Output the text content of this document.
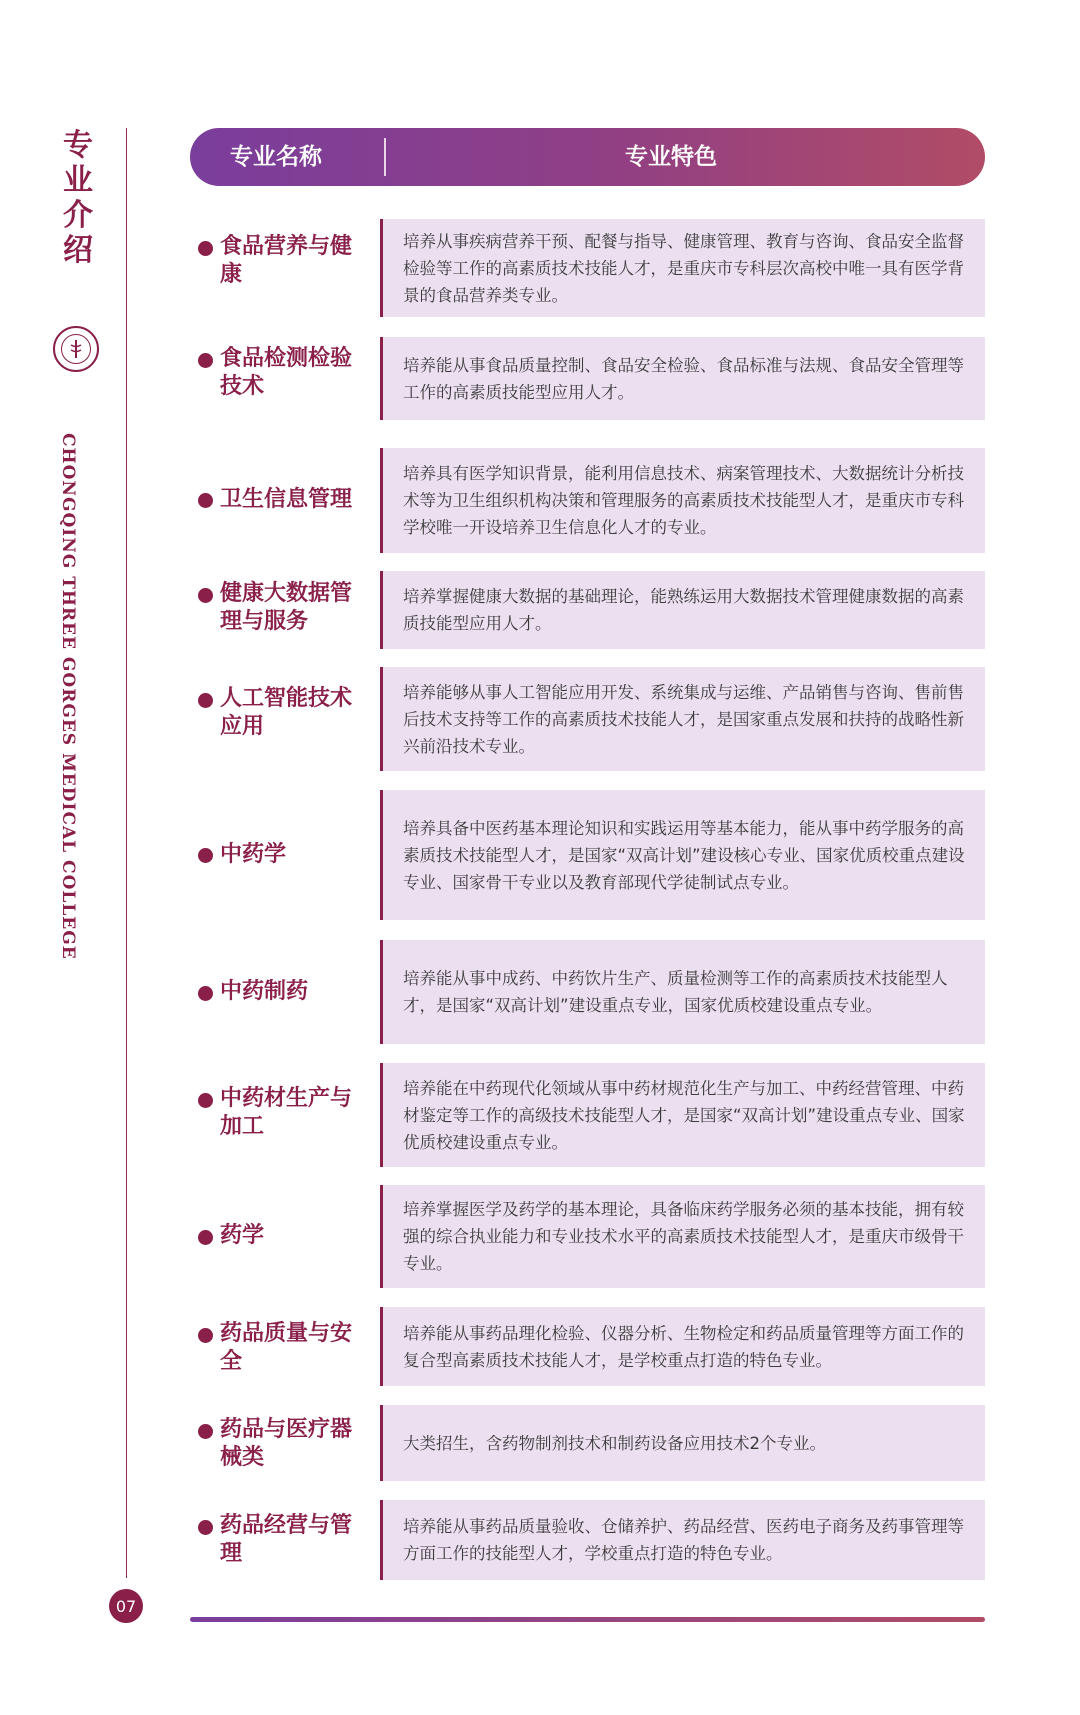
专
业
介
绍
CHONGQING THREE GORGES MEDICAL COLLEGE
07
专业名称	专业特色
食品营养与健康
培养从事疾病营养干预、配餐与指导、健康管理、教育与咨询、食品安全监督检验等工作的高素质技术技能人才，是重庆市专科层次高校中唯一具有医学背景的食品营养类专业。
食品检测检验技术
培养能从事食品质量控制、食品安全检验、食品标准与法规、食品安全管理等工作的高素质技能型应用人才。
卫生信息管理
培养具有医学知识背景，能利用信息技术、病案管理技术、大数据统计分析技术等为卫生组织机构决策和管理服务的高素质技术技能型人才，是重庆市专科学校唯一开设培养卫生信息化人才的专业。
健康大数据管理与服务
培养掌握健康大数据的基础理论，能熟练运用大数据技术管理健康数据的高素质技能型应用人才。
人工智能技术应用
培养能够从事人工智能应用开发、系统集成与运维、产品销售与咨询、售前售后技术支持等工作的高素质技术技能人才，是国家重点发展和扶持的战略性新兴前沿技术专业。
中药学
培养具备中医药基本理论知识和实践运用等基本能力，能从事中药学服务的高素质技术技能型人才，是国家“双高计划”建设核心专业、国家优质校重点建设专业、国家骨干专业以及教育部现代学徒制试点专业。
中药制药
培养能从事中成药、中药饮片生产、质量检测等工作的高素质技术技能型人才，是国家“双高计划”建设重点专业，国家优质校建设重点专业。
中药材生产与加工
培养能在中药现代化领域从事中药材规范化生产与加工、中药经营管理、中药材鉴定等工作的高级技术技能型人才，是国家“双高计划”建设重点专业、国家优质校建设重点专业。
药学
培养掌握医学及药学的基本理论，具备临床药学服务必须的基本技能，拥有较强的综合执业能力和专业技术水平的高素质技术技能型人才，是重庆市级骨干专业。
药品质量与安全
培养能从事药品理化检验、仪器分析、生物检定和药品质量管理等方面工作的复合型高素质技术技能人才，是学校重点打造的特色专业。
药品与医疗器械类
大类招生，含药物制剂技术和制药设备应用技术2个专业。
药品经营与管理
培养能从事药品质量验收、仓储养护、药品经营、医药电子商务及药事管理等方面工作的技能型人才，学校重点打造的特色专业。
